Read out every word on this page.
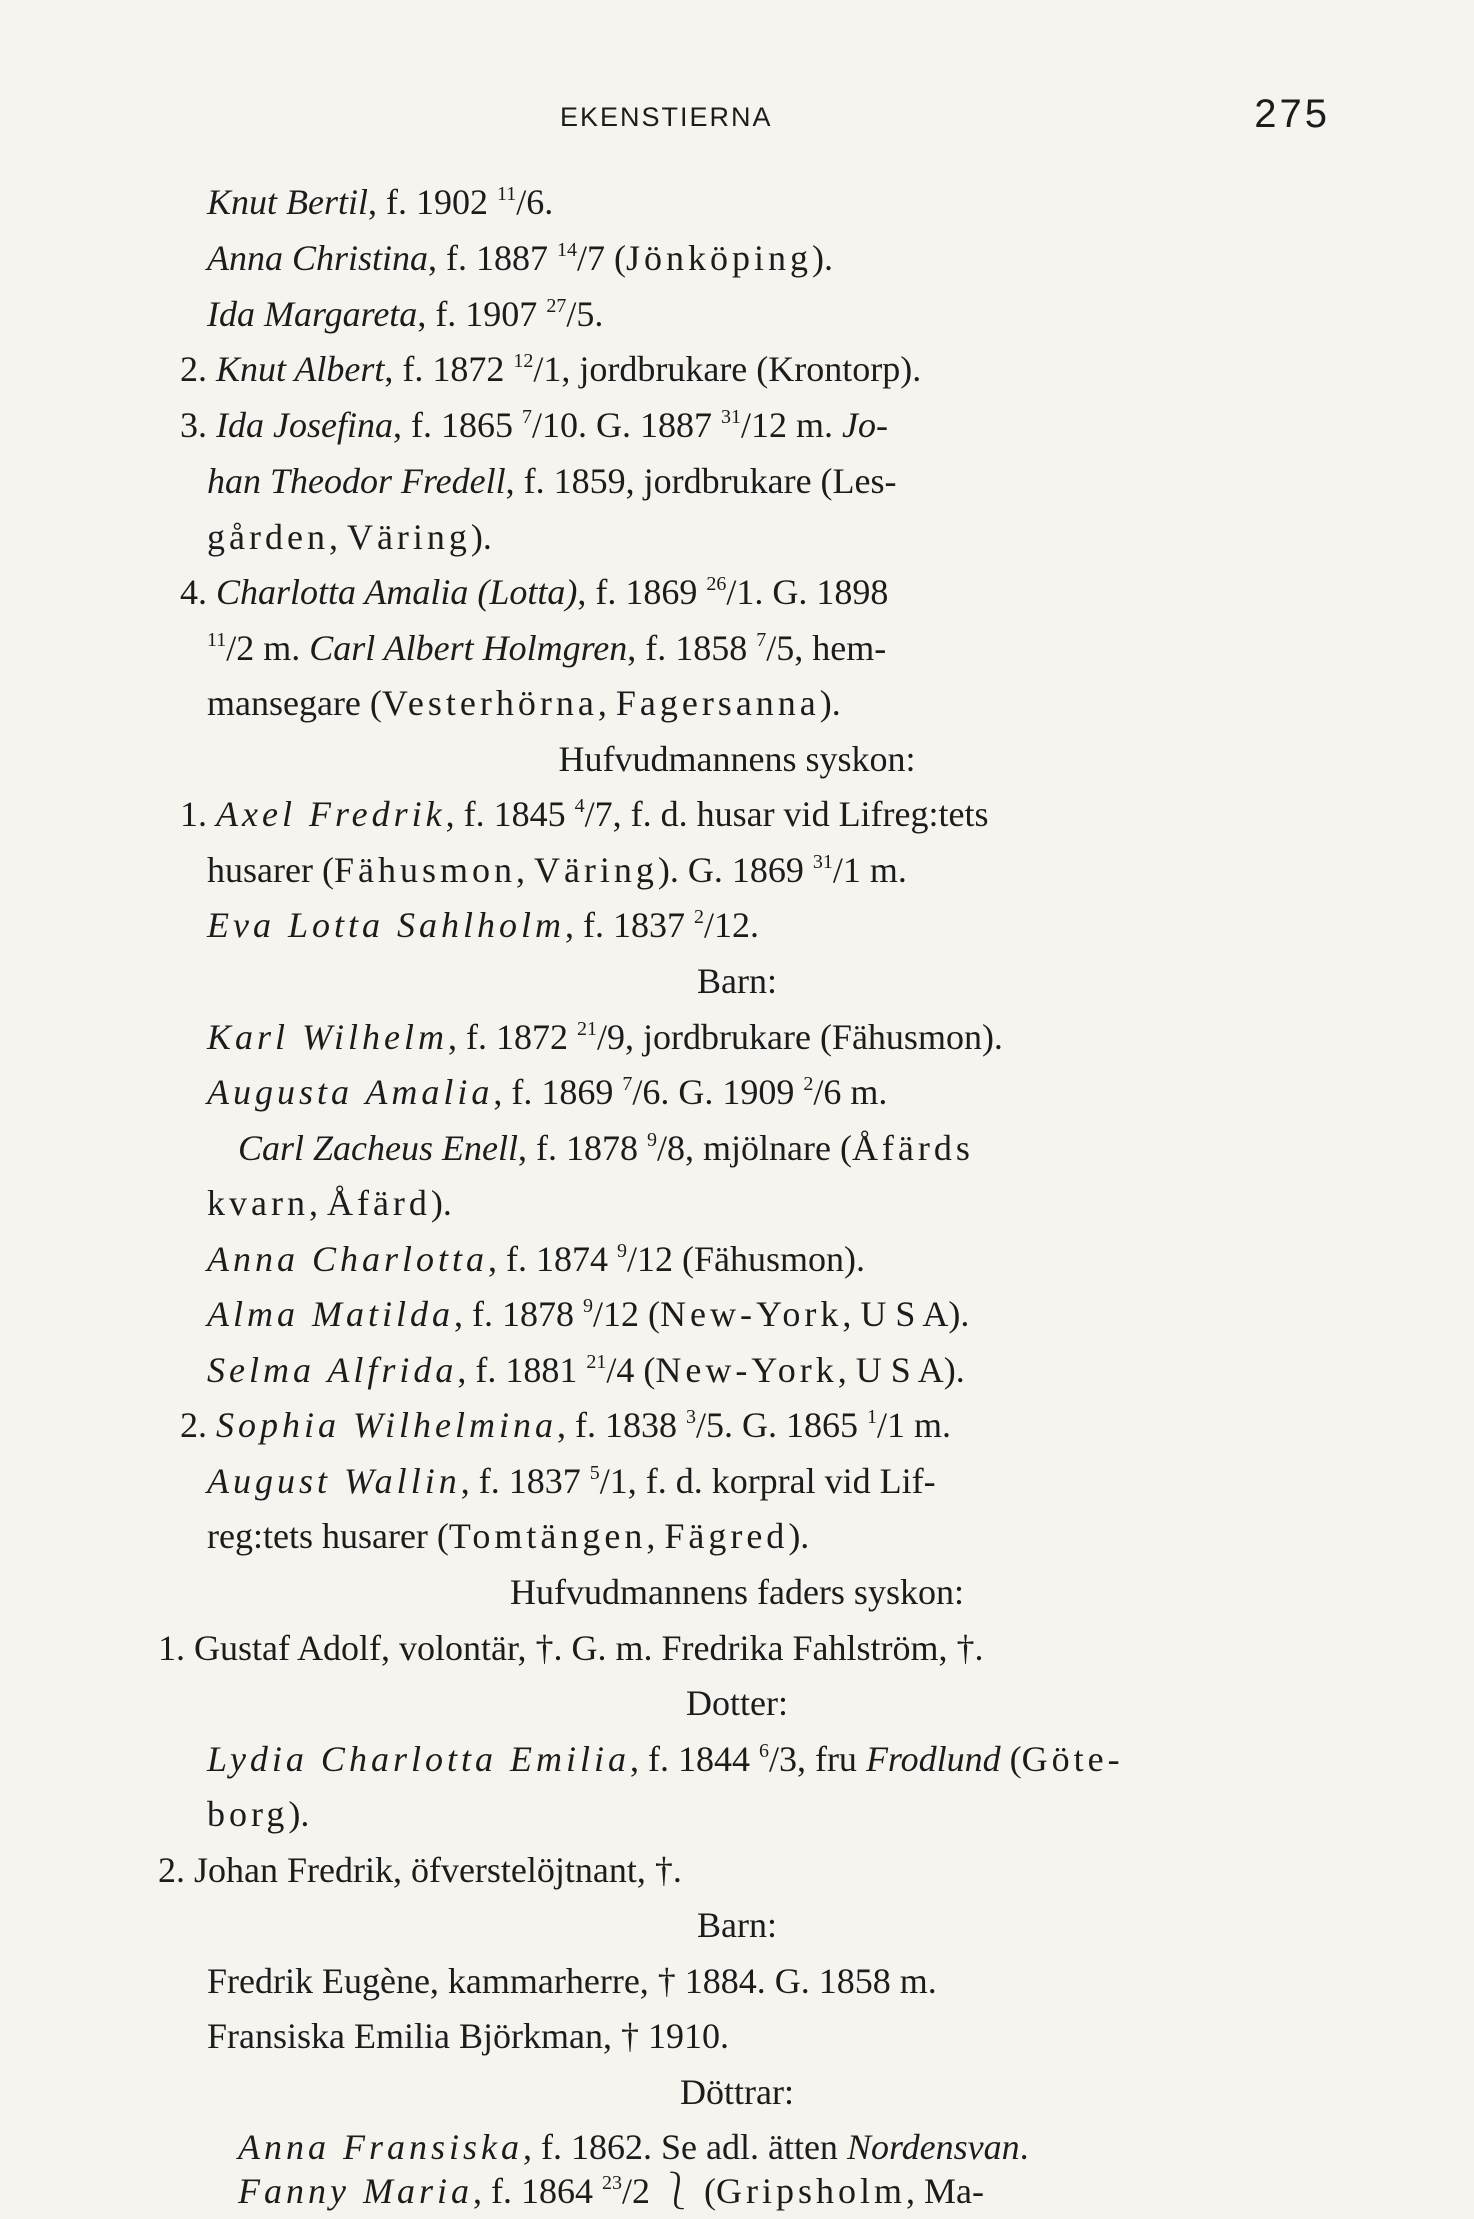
EKENSTIERNA	275
Knut Bertil, f. 1902 $^{11}$/6.
Anna Christina, f. 1887 $^{14}$/7 (Jönköping).
Ida Margareta, f. 1907 $^{27}$/5.
2. Knut Albert, f. 1872 $^{12}$/1, jordbrukare (Krontorp).
3. Ida Josefina, f. 1865 $^7$/10. G. 1887 $^{31}$/12 m. Jo-
han Theodor Fredell, f. 1859, jordbrukare (Les-
gården, Väring).
4. Charlotta Amalia (Lotta), f. 1869 $^{26}$/1. G. 1898
$^{11}$/2 m. Carl Albert Holmgren, f. 1858 $^7$/5, hem-
mansegare (Vesterhörna, Fagersanna).
Hufvudmannens syskon:
1. Axel Fredrik, f. 1845 $^4$/7, f. d. husar vid Lifreg:tets
husarer (Fähusmon, Väring). G. 1869 $^{31}$/1 m.
Eva Lotta Sahlholm, f. 1837 $^2$/12.
Barn:
Karl Wilhelm, f. 1872 $^{21}$/9, jordbrukare (Fähusmon).
Augusta Amalia, f. 1869 $^7$/6. G. 1909 $^2$/6 m.
Carl Zacheus Enell, f. 1878 $^9$/8, mjölnare (Åfärds
kvarn, Åfärd).
Anna Charlotta, f. 1874 $^9$/12 (Fähusmon).
Alma Matilda, f. 1878 $^9$/12 (New-York, U S A).
Selma Alfrida, f. 1881 $^{21}$/4 (New-York, U S A).
2. Sophia Wilhelmina, f. 1838 $^3$/5. G. 1865 $^1$/1 m.
August Wallin, f. 1837 $^5$/1, f. d. korpral vid Lif-
reg:tets husarer (Tomtängen, Fägred).
Hufvudmannens faders syskon:
1. Gustaf Adolf, volontär, †. G. m. Fredrika Fahlström, †.
Dotter:
Lydia Charlotta Emilia, f. 1844 $^6$/3, fru Frodlund (Göte-
borg).
2. Johan Fredrik, öfverstelöjtnant, †.
Barn:
Fredrik Eugène, kammarherre, † 1884. G. 1858 m.
Fransiska Emilia Björkman, † 1910.
Döttrar:
Anna Fransiska, f. 1862. Se adl. ätten Nordensvan.
Fanny Maria, f. 1864 $^{23}$/2 ⎱ (Gripsholm, Ma-
